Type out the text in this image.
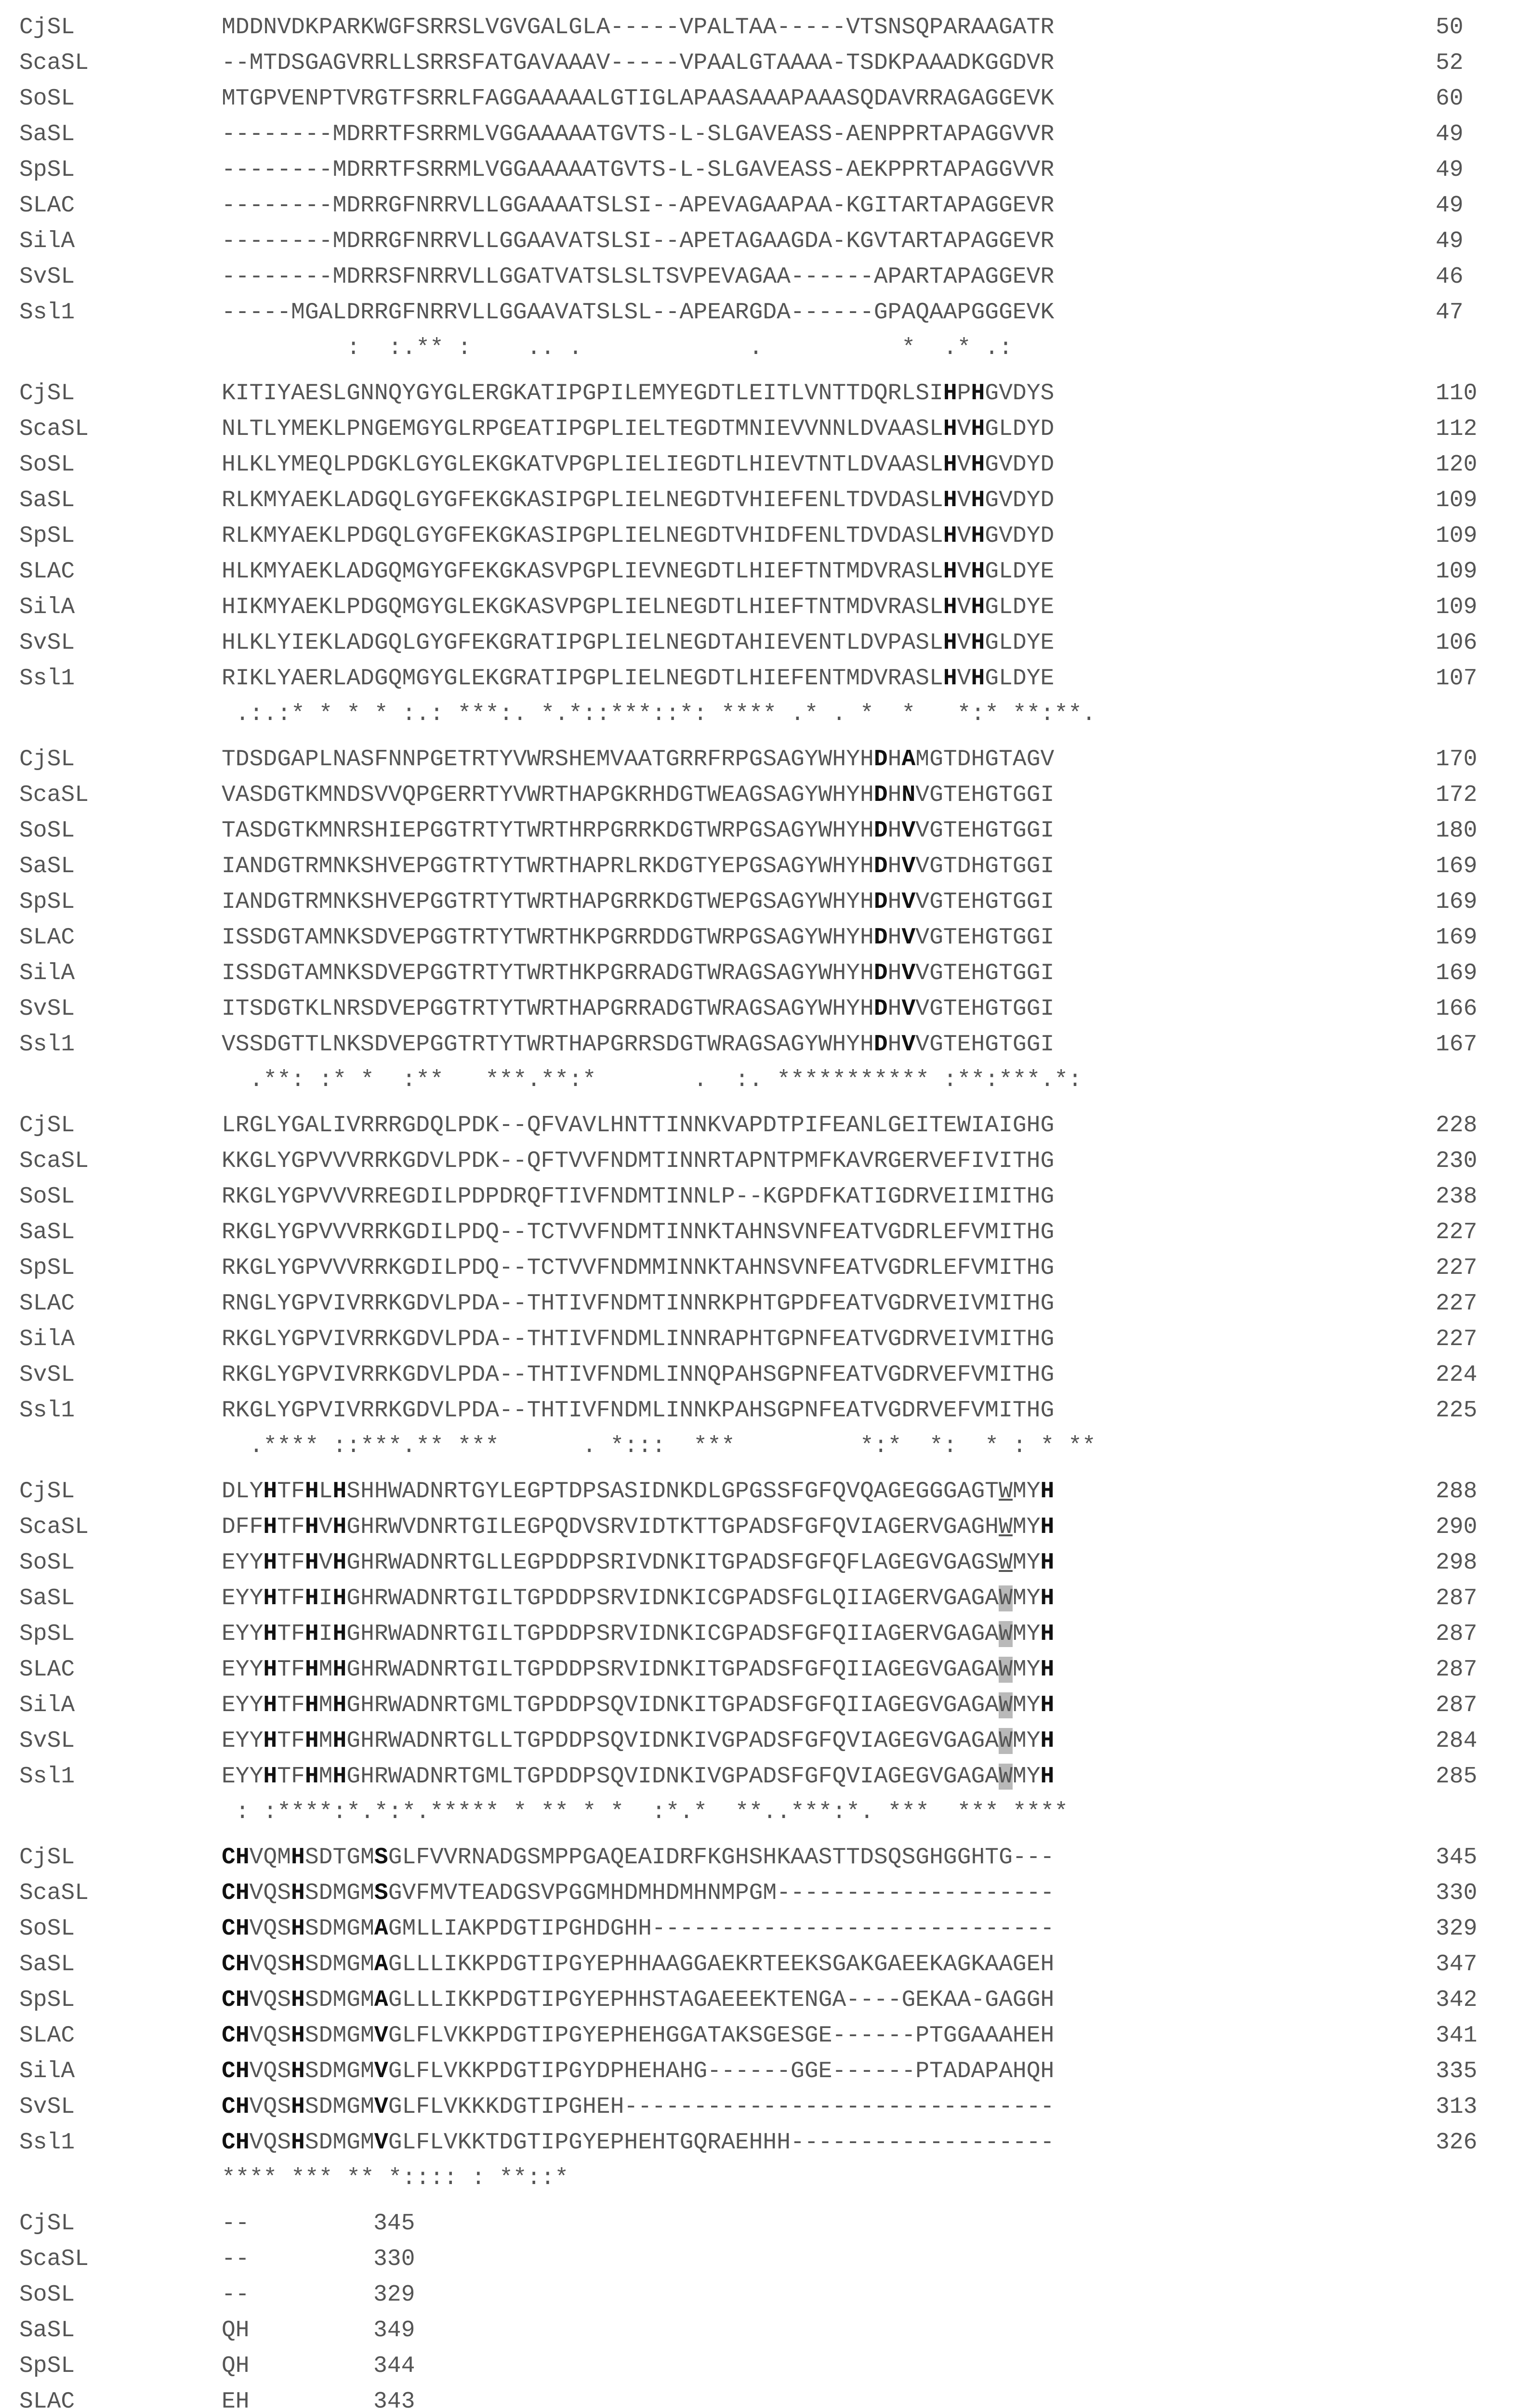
CjSL	MDDNVDKPARKWGFSRRSLVGVGALGLA-----VPALTAA-----VTSNSQPARAAGATR	50
ScaSL	--MTDSGAGVRRLLSRRSFATGAVAAAV-----VPAALGTAAAA-TSDKPAAADKGGDVR	52
SoSL	MTGPVENPTVRGTFSRRLFAGGAAAAALGTIGLAPAASAAAPAAASQDAVRRAGAGGEVK	60
SaSL	--------MDRRTFSRRMLVGGAAAAATGVTS-L-SLGAVEASS-AENPPRTAPAGGVVR	49
SpSL	--------MDRRTFSRRMLVGGAAAAATGVTS-L-SLGAVEASS-AEKPPRTAPAGGVVR	49
SLAC	--------MDRRGFNRRVLLGGAAAATSLSI--APEVAGAAPAA-KGITARTAPAGGEVR	49
SilA	--------MDRRGFNRRVLLGGAAVATSLSI--APETAGAAGDA-KGVTARTAPAGGEVR	49
SvSL	--------MDRRSFNRRVLLGGATVATSLSLTSVPEVAGAA------APARTAPAGGEVR	46
Ssl1	-----MGALDRRGFNRRVLLGGAAVATSLSL--APEARGDA------GPAQAAPGGGEVK	47
:  :.** :    .. .            .          *  .* .:
CjSL	KITIYAESLGNNQYGYGLERGKATIPGPILEMYEGDTLEITLVNTTDQRLSIHPHGVDYS	110
ScaSL	NLTLYMEKLPNGEMGYGLRPGEATIPGPLIELTEGDTMNIEVVNNLDVAASLHVHGLDYD	112
SoSL	HLKLYMEQLPDGKLGYGLEKGKATVPGPLIELIEGDTLHIEVTNTLDVAASLHVHGVDYD	120
SaSL	RLKMYAEKLADGQLGYGFEKGKASIPGPLIELNEGDTVHIEFENLTDVDASLHVHGVDYD	109
SpSL	RLKMYAEKLPDGQLGYGFEKGKASIPGPLIELNEGDTVHIDFENLTDVDASLHVHGVDYD	109
SLAC	HLKMYAEKLADGQMGYGFEKGKASVPGPLIEVNEGDTLHIEFTNTMDVRASLHVHGLDYE	109
SilA	HIKMYAEKLPDGQMGYGLEKGKASVPGPLIELNEGDTLHIEFTNTMDVRASLHVHGLDYE	109
SvSL	HLKLYIEKLADGQLGYGFEKGRATIPGPLIELNEGDTAHIEVENTLDVPASLHVHGLDYE	106
Ssl1	RIKLYAERLADGQMGYGLEKGRATIPGPLIELNEGDTLHIEFENTMDVRASLHVHGLDYE	107
.:.:* * * * :.: ***:. *.*::***::*: **** .* . *  *   *:* **:**.
CjSL	TDSDGAPLNASFNNPGETRTYVWRSHEMVAATGRRFRPGSAGYWHYHDHAMGTDHGTAGV	170
ScaSL	VASDGTKMNDSVVQPGERRTYVWRTHAPGKRHDGTWEAGSAGYWHYHDHNVGTEHGTGGI	172
SoSL	TASDGTKMNRSHIEPGGTRTYTWRTHRPGRRKDGTWRPGSAGYWHYHDHVVGTEHGTGGI	180
SaSL	IANDGTRMNKSHVEPGGTRTYTWRTHAPRLRKDGTYEPGSAGYWHYHDHVVGTDHGTGGI	169
SpSL	IANDGTRMNKSHVEPGGTRTYTWRTHAPGRRKDGTWEPGSAGYWHYHDHVVGTEHGTGGI	169
SLAC	ISSDGTAMNKSDVEPGGTRTYTWRTHKPGRRDDGTWRPGSAGYWHYHDHVVGTEHGTGGI	169
SilA	ISSDGTAMNKSDVEPGGTRTYTWRTHKPGRRADGTWRAGSAGYWHYHDHVVGTEHGTGGI	169
SvSL	ITSDGTKLNRSDVEPGGTRTYTWRTHAPGRRADGTWRAGSAGYWHYHDHVVGTEHGTGGI	166
Ssl1	VSSDGTTLNKSDVEPGGTRTYTWRTHAPGRRSDGTWRAGSAGYWHYHDHVVGTEHGTGGI	167
.**: :* *  :**   ***.**:*       .  :. *********** :**:***.*:
CjSL	LRGLYGALIVRRRGDQLPDK--QFVAVLHNTTINNKVAPDTPIFEANLGEITEWIAIGHG	228
ScaSL	KKGLYGPVVVRRKGDVLPDK--QFTVVFNDMTINNRTAPNTPMFKAVRGERVEFIVITHG	230
SoSL	RKGLYGPVVVRREGDILPDPDRQFTIVFNDMTINNLP--KGPDFKATIGDRVEIIMITHG	238
SaSL	RKGLYGPVVVRRKGDILPDQ--TCTVVFNDMTINNKTAHNSVNFEATVGDRLEFVMITHG	227
SpSL	RKGLYGPVVVRRKGDILPDQ--TCTVVFNDMMINNKTAHNSVNFEATVGDRLEFVMITHG	227
SLAC	RNGLYGPVIVRRKGDVLPDA--THTIVFNDMTINNRKPHTGPDFEATVGDRVEIVMITHG	227
SilA	RKGLYGPVIVRRKGDVLPDA--THTIVFNDMLINNRAPHTGPNFEATVGDRVEIVMITHG	227
SvSL	RKGLYGPVIVRRKGDVLPDA--THTIVFNDMLINNQPAHSGPNFEATVGDRVEFVMITHG	224
Ssl1	RKGLYGPVIVRRKGDVLPDA--THTIVFNDMLINNKPAHSGPNFEATVGDRVEFVMITHG	225
.**** ::***.** ***      . *:::  ***         *:*  *:  * : * **
CjSL	DLYHTFHLHSHHWADNRTGYLEGPTDPSASIDNKDLGPGSSFGFQVQAGEGGGAGTWMYH	288
ScaSL	DFFHTFHVHGHRWVDNRTGILEGPQDVSRVIDTKTTGPADSFGFQVIAGERVGAGHWMYH	290
SoSL	EYYHTFHVHGHRWADNRTGLLEGPDDPSRIVDNKITGPADSFGFQFLAGEGVGAGSWMYH	298
SaSL	EYYHTFHIHGHRWADNRTGILTGPDDPSRVIDNKICGPADSFGLQIIAGERVGAGAWMYH	287
SpSL	EYYHTFHIHGHRWADNRTGILTGPDDPSRVIDNKICGPADSFGFQIIAGERVGAGAWMYH	287
SLAC	EYYHTFHMHGHRWADNRTGILTGPDDPSRVIDNKITGPADSFGFQIIAGEGVGAGAWMYH	287
SilA	EYYHTFHMHGHRWADNRTGMLTGPDDPSQVIDNKITGPADSFGFQIIAGEGVGAGAWMYH	287
SvSL	EYYHTFHMHGHRWADNRTGLLTGPDDPSQVIDNKIVGPADSFGFQVIAGEGVGAGAWMYH	284
Ssl1	EYYHTFHMHGHRWADNRTGMLTGPDDPSQVIDNKIVGPADSFGFQVIAGEGVGAGAWMYH	285
: :****:*.*:*.***** * ** * *  :*.*  **..***:*. ***  *** ****
CjSL	CHVQMHSDTGMSGLFVVRNADGSMPPGAQEAIDRFKGHSHKAASTTDSQSGHGGHTG---	345
ScaSL	CHVQSHSDMGMSGVFMVTEADGSVPGGMHDMHDMHNMPGM--------------------	330
SoSL	CHVQSHSDMGMAGMLLIAKPDGTIPGHDGHH-----------------------------	329
SaSL	CHVQSHSDMGMAGLLLIKKPDGTIPGYEPHHAAGGAEKRTEEKSGAKGAEEKAGKAAGEH	347
SpSL	CHVQSHSDMGMAGLLLIKKPDGTIPGYEPHHSTAGAEEEKTENGA----GEKAA-GAGGH	342
SLAC	CHVQSHSDMGMVGLFLVKKPDGTIPGYEPHEHGGATAKSGESGE------PTGGAAAHEH	341
SilA	CHVQSHSDMGMVGLFLVKKPDGTIPGYDPHEHAHG------GGE------PTADAPAHQH	335
SvSL	CHVQSHSDMGMVGLFLVKKKDGTIPGHEH-------------------------------	313
Ssl1	CHVQSHSDMGMVGLFLVKKTDGTIPGYEPHEHTGQRAEHHH-------------------	326
**** *** ** *:::: : **::*
CjSL	--	345
ScaSL	--	330
SoSL	--	329
SaSL	QH	349
SpSL	QH	344
SLAC	EH	343
